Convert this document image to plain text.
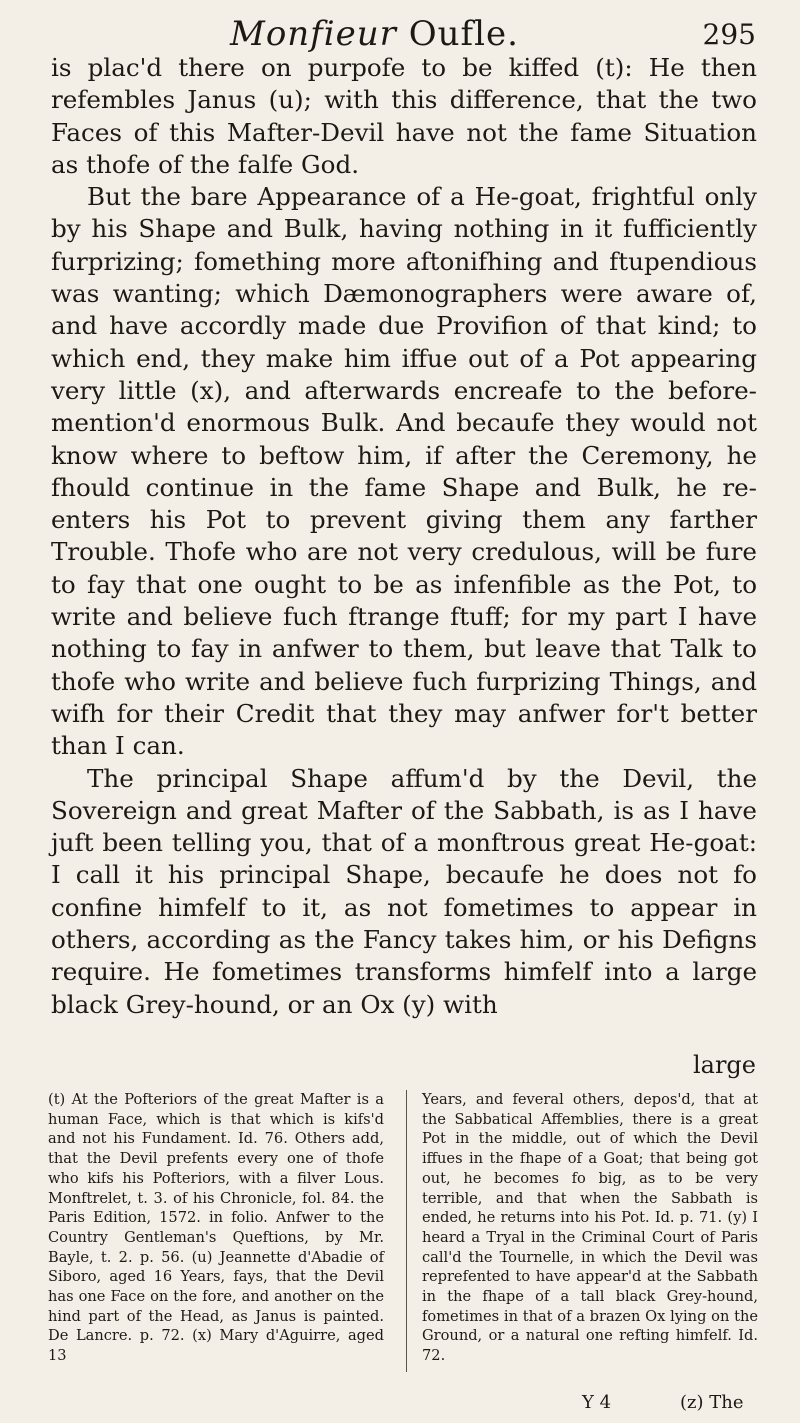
Monfieur Oufle.	295

is plac'd there on purpofe to be kiffed (t): He then refembles Janus (u); with this difference, that the two Faces of this Mafter-Devil have not the fame Situation as thofe of the falfe God.

But the bare Appearance of a He-goat, frightful only by his Shape and Bulk, having nothing in it fufficiently furprizing; fomething more aftonifhing and ftupendious was wanting; which Dæmonographers were aware of, and have accordly made due Provifion of that kind; to which end, they make him iffue out of a Pot appearing very little (x), and afterwards encreafe to the before-mention'd enormous Bulk. And becaufe they would not know where to beftow him, if after the Ceremony, he fhould continue in the fame Shape and Bulk, he re-enters his Pot to prevent giving them any farther Trouble. Thofe who are not very credulous, will be fure to fay that one ought to be as infenfible as the Pot, to write and believe fuch ftrange ftuff; for my part I have nothing to fay in anfwer to them, but leave that Talk to thofe who write and believe fuch furprizing Things, and wifh for their Credit that they may anfwer for't better than I can.

The principal Shape affum'd by the Devil, the Sovereign and great Mafter of the Sabbath, is as I have juft been telling you, that of a monftrous great He-goat: I call it his principal Shape, becaufe he does not fo confine himfelf to it, as not fometimes to appear in others, according as the Fancy takes him, or his Defigns require. He fometimes transforms himfelf into a large black Grey-hound, or an Ox (y) with

large

(t) At the Pofteriors of the great Mafter is a human Face, which is that which is kifs'd and not his Fundament. Id. 76. Others add, that the Devil prefents every one of thofe who kifs his Pofteriors, with a filver Lous. Monftrelet, t. 3. of his Chronicle, fol. 84. the Paris Edition, 1572. in folio. Anfwer to the Country Gentleman's Queftions, by Mr. Bayle, t. 2. p. 56. (u) Jeannette d'Abadie of Siboro, aged 16 Years, fays, that the Devil has one Face on the fore, and another on the hind part of the Head, as Janus is painted. De Lancre. p. 72. (x) Mary d'Aguirre, aged 13

Years, and feveral others, depos'd, that at the Sabbatical Affemblies, there is a great Pot in the middle, out of which the Devil iffues in the fhape of a Goat; that being got out, he becomes fo big, as to be very terrible, and that when the Sabbath is ended, he returns into his Pot. Id. p. 71. (y) I heard a Tryal in the Criminal Court of Paris call'd the Tournelle, in which the Devil was reprefented to have appear'd at the Sabbath in the fhape of a tall black Grey-hound, fometimes in that of a brazen Ox lying on the Ground, or a natural one refting himfelf. Id. 72.

Y 4	(z) The
